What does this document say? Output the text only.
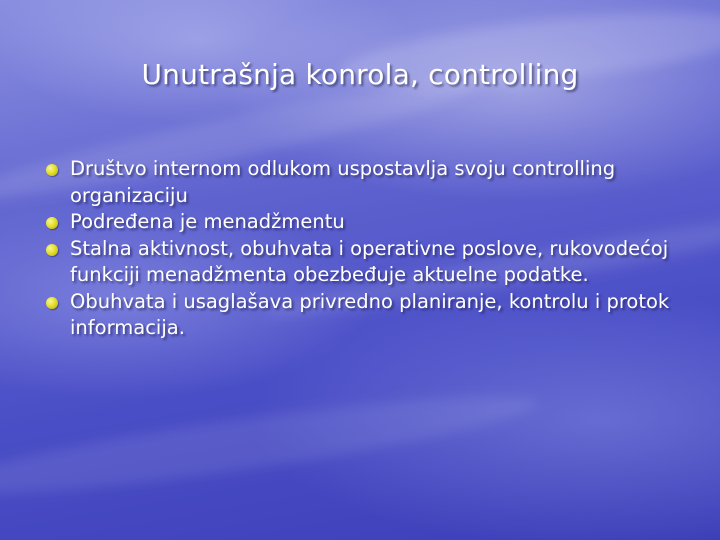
Unutrašnja konrola, controlling
Društvo internom odlukom uspostavlja svoju controlling organizaciju
Podređena je menadžmentu
Stalna aktivnost, obuhvata i operativne poslove, rukovodećoj funkciji menadžmenta obezbeđuje aktuelne podatke.
Obuhvata i usaglašava privredno planiranje, kontrolu i protok informacija.
